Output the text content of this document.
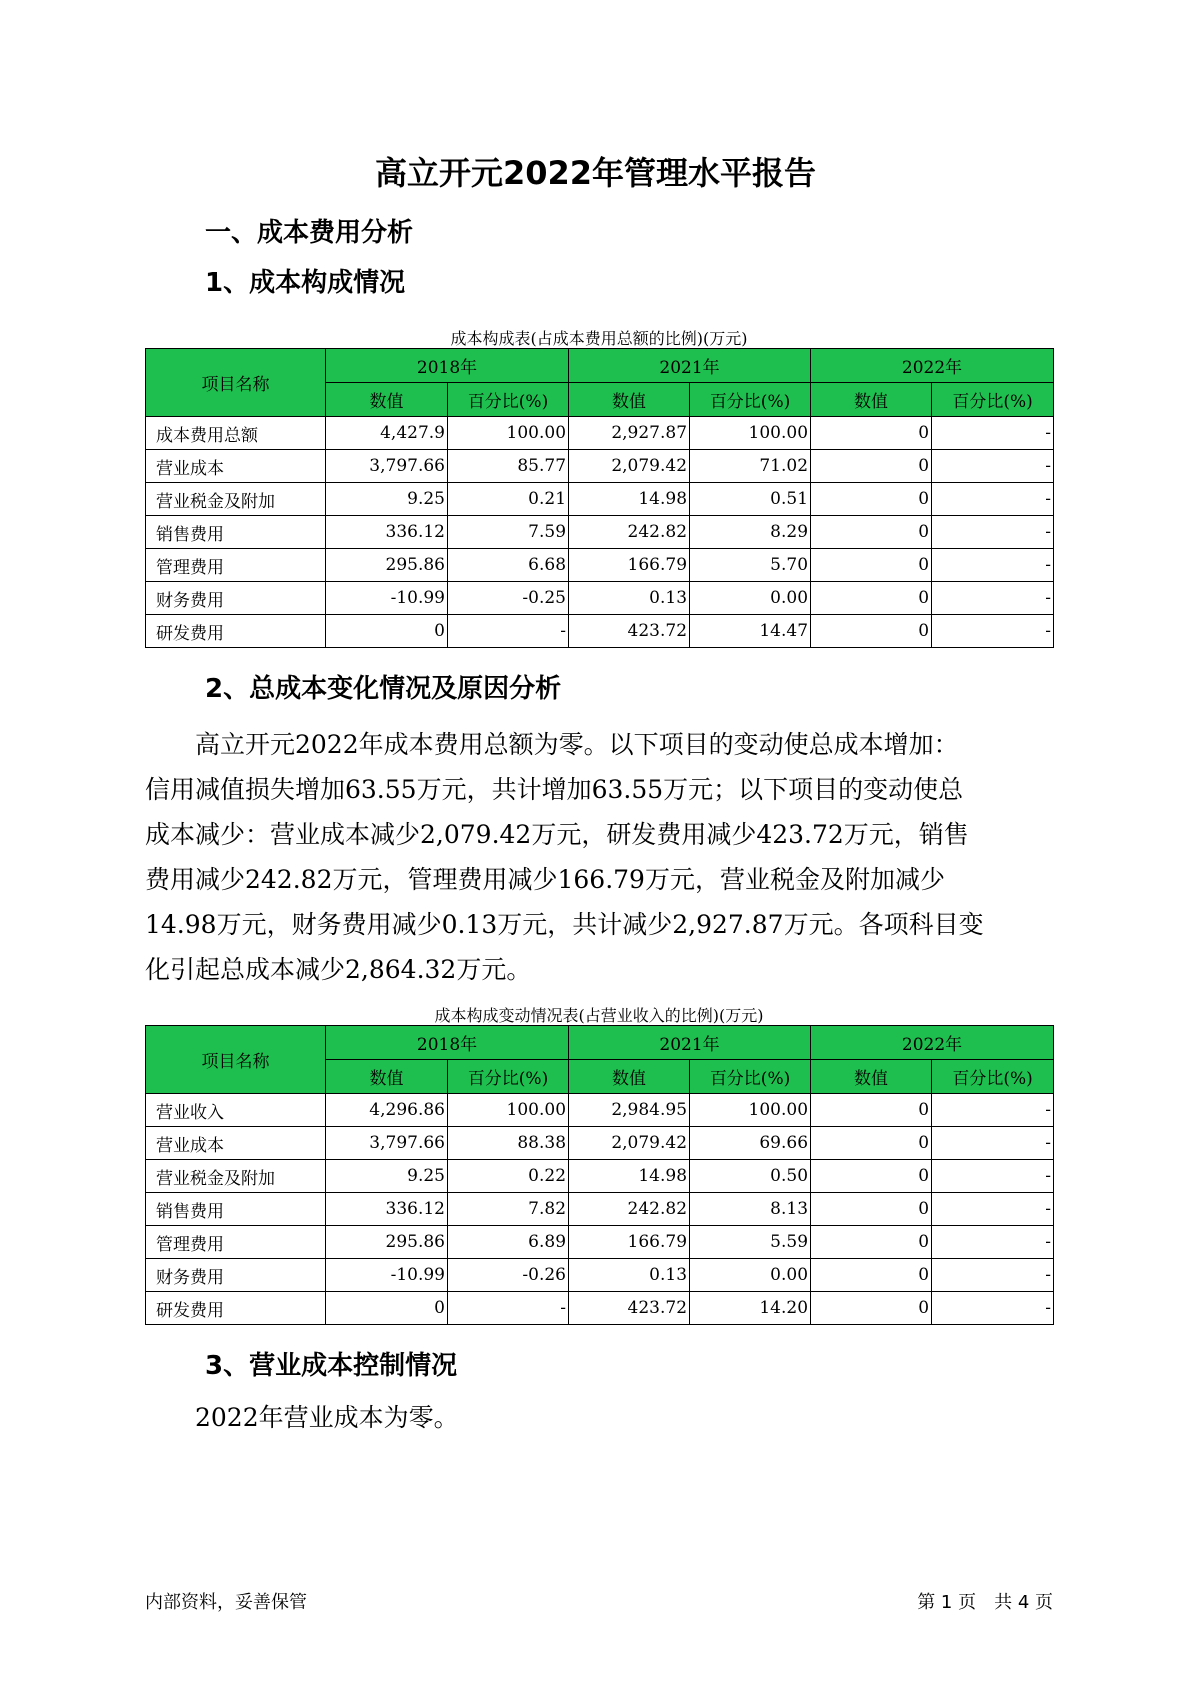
高立开元2022年管理水平报告
一、成本费用分析
1、成本构成情况
成本构成表(占成本费用总额的比例)(万元)
项目名称	2018年		2021年		2022年	
	数值	百分比(%)	数值	百分比(%)	数值	百分比(%)
成本费用总额	4,427.9	100.00	2,927.87	100.00	0	-
营业成本	3,797.66	85.77	2,079.42	71.02	0	-
营业税金及附加	9.25	0.21	14.98	0.51	0	-
销售费用	336.12	7.59	242.82	8.29	0	-
管理费用	295.86	6.68	166.79	5.70	0	-
财务费用	-10.99	-0.25	0.13	0.00	0	-
研发费用	0	-	423.72	14.47	0	-
2、总成本变化情况及原因分析
　　高立开元2022年成本费用总额为零。以下项目的变动使总成本增加：
信用减值损失增加63.55万元，共计增加63.55万元；以下项目的变动使总
成本减少：营业成本减少2,079.42万元，研发费用减少423.72万元，销售
费用减少242.82万元，管理费用减少166.79万元，营业税金及附加减少
14.98万元，财务费用减少0.13万元，共计减少2,927.87万元。各项科目变
化引起总成本减少2,864.32万元。
成本构成变动情况表(占营业收入的比例)(万元)
项目名称	2018年		2021年		2022年	
	数值	百分比(%)	数值	百分比(%)	数值	百分比(%)
营业收入	4,296.86	100.00	2,984.95	100.00	0	-
营业成本	3,797.66	88.38	2,079.42	69.66	0	-
营业税金及附加	9.25	0.22	14.98	0.50	0	-
销售费用	336.12	7.82	242.82	8.13	0	-
管理费用	295.86	6.89	166.79	5.59	0	-
财务费用	-10.99	-0.26	0.13	0.00	0	-
研发费用	0	-	423.72	14.20	0	-
3、营业成本控制情况
　　2022年营业成本为零。
内部资料，妥善保管	第 1 页　共 4 页
